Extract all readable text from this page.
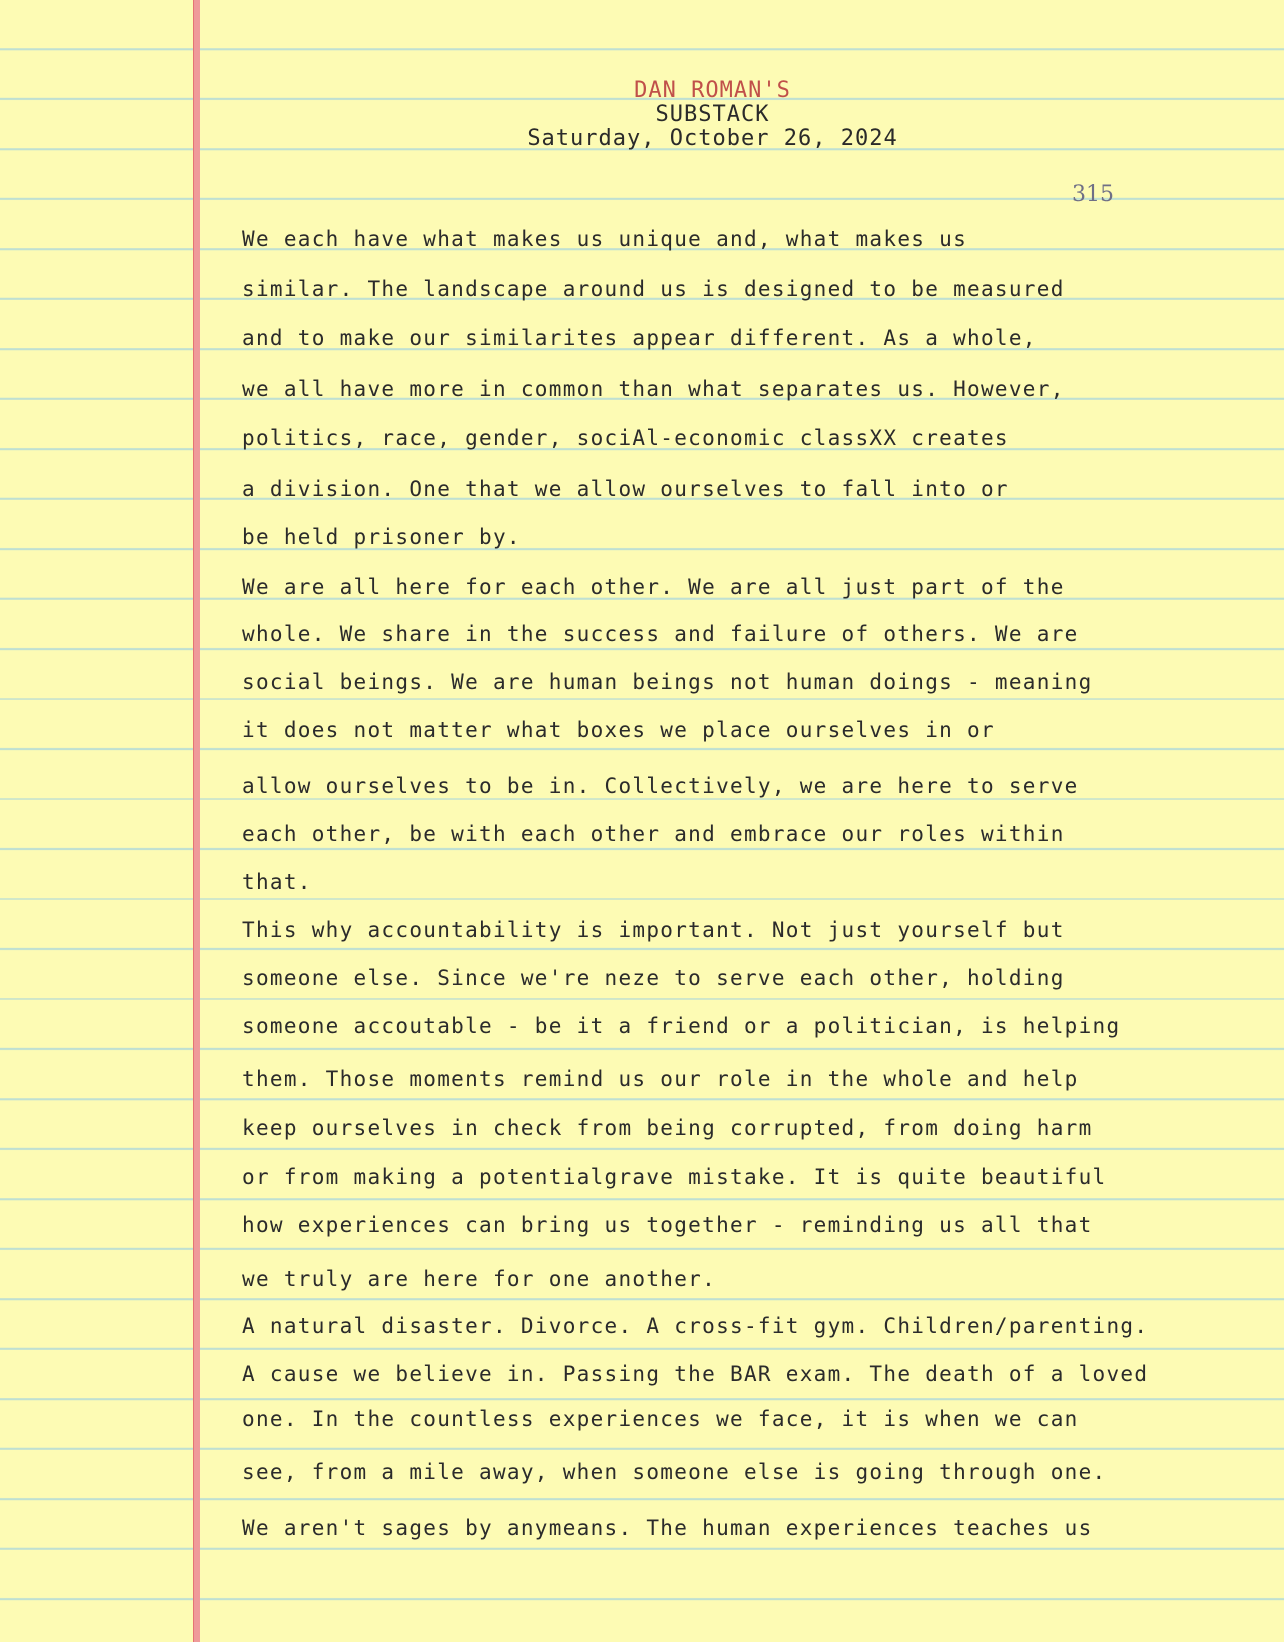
DAN ROMAN'S
SUBSTACK
Saturday, October 26, 2024
315

We each have what makes us unique and, what makes us

similar. The landscape around us is designed to be measured

and to make our similarites appear different. As a whole,

we all have more in common than what separates us. However,

politics, race, gender, sociAl-economic classXX creates

a division. One that we allow ourselves to fall into or

be held prisoner by.

We are all here for each other. We are all just part of the

whole. We share in the success and failure of others. We are

social beings. We are human beings not human doings - meaning

it does not matter what boxes we place ourselves in or

allow ourselves to be in. Collectively, we are here to serve

each other, be with each other and embrace our roles within

that.

This why accountability is important. Not just yourself but

someone else. Since we're neze to serve each other, holding

someone accoutable - be it a friend or a politician, is helping

them. Those moments remind us our role in the whole and help

keep ourselves in check from being corrupted, from doing harm

or from making a potentialgrave mistake. It is quite beautiful

how experiences can bring us together - reminding us all that

we truly are here for one another.

A natural disaster. Divorce. A cross-fit gym. Children/parenting.

A cause we believe in. Passing the BAR exam. The death of a loved

one. In the countless experiences we face, it is when we can

see, from a mile away, when someone else is going through one.

We aren't sages by anymeans. The human experiences teaches us
